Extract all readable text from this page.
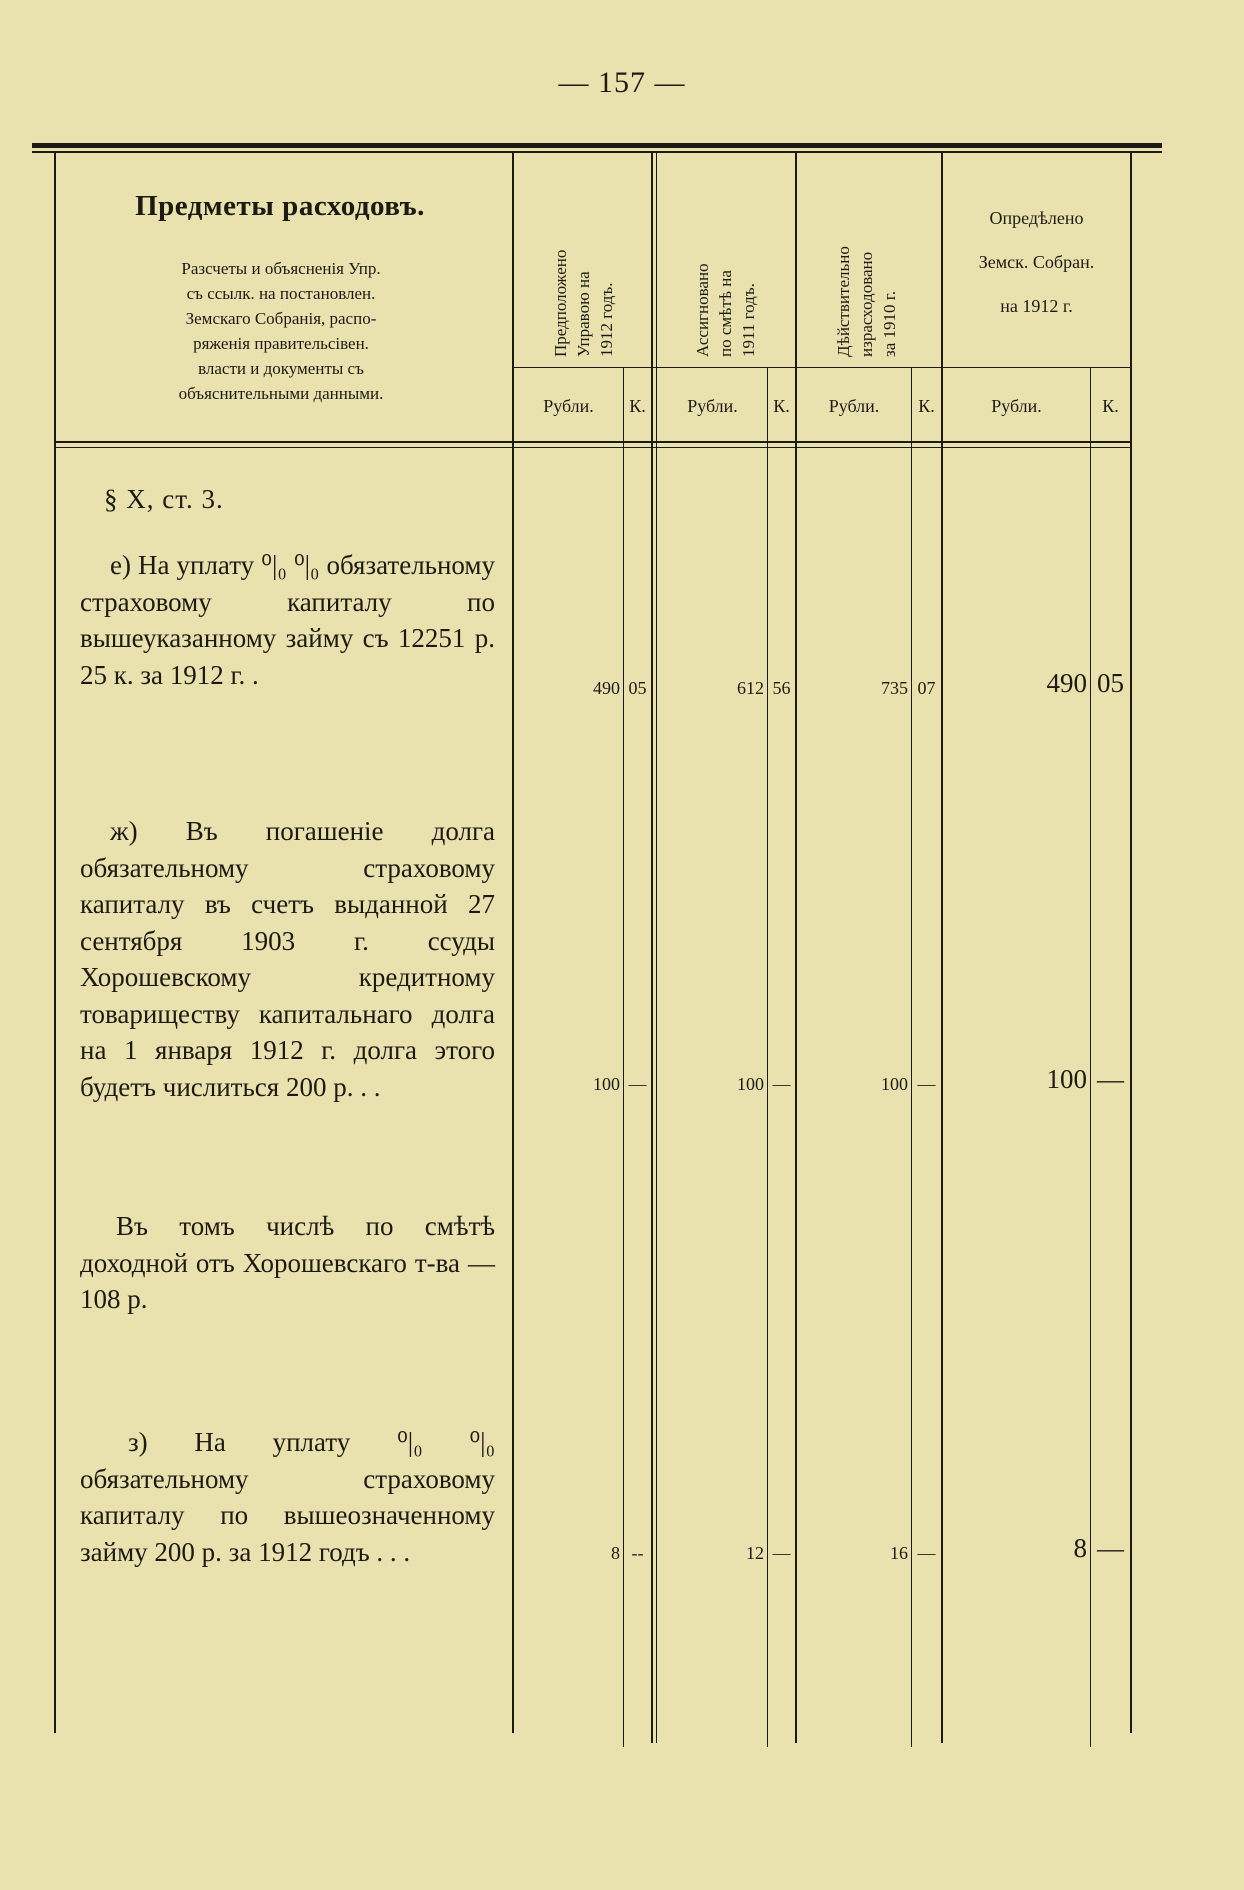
— 157 —
Предметы расходовъ.
Разсчеты и объясненія Упр.
съ ссылк. на постановлен.
Земскаго Собранія, распо-
ряженія правительсівен.
власти и документы съ
объяснительными данными.
Предположено Управою на 1912 годъ.	Ассигновано по смѣтѣ на 1911 годъ.	Дѣйствительно израсходовано за 1910 г.
Опредѣлено
Земск. Собран.
на 1912 г.
Рубли.	К.	Рубли.	К.	Рубли.	К.	Рубли.	К.
§ X, ст. 3.
е) На уплату ⁰|₀ ⁰|₀ обязательному страховому капиталу по вышеуказанному займу съ 12251 р. 25 к. за 1912 г. .	490 05	612 56	735 07	490 05
ж) Въ погашеніе долга обязательному страховому капиталу въ счетъ выданной 27 сентября 1903 г. ссуды Хорошевскому кредитному товариществу капитальнаго долга на 1 января 1912 г. долга этого будетъ числиться 200 р. . .	100 —	100 —	100 —	100 —
Въ томъ числѣ по смѣтѣ доходной отъ Хорошевскаго т-ва — 108 р.
з) На уплату ⁰|₀ ⁰|₀ обязательному страховому капиталу по вышеозначенному займу 200 р. за 1912 годъ . . .	8 --	12 —	16 —	8 —
